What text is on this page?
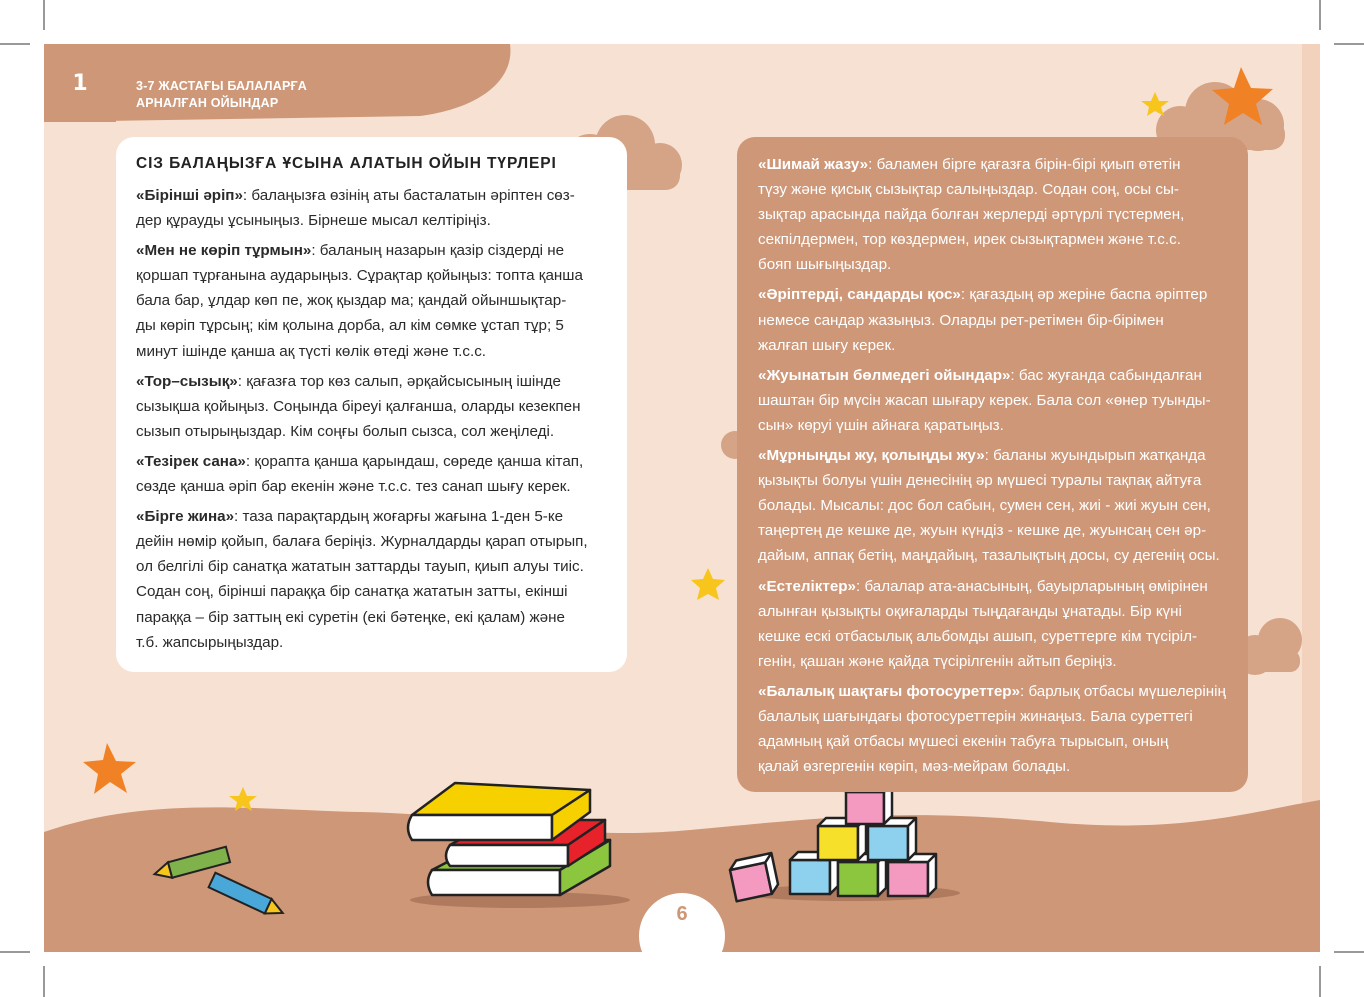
1	3-7 ЖАСТАҒЫ БАЛАЛАРҒА
АРНАЛҒАН ОЙЫНДАР
СІЗ БАЛАҢЫЗҒА ҰСЫНА АЛАТЫН ОЙЫН ТҮРЛЕРІ
«Бірінші әріп»: балаңызға өзінің аты басталатын әріптен сөз-
дер құрауды ұсыныңыз. Бірнеше мысал келтіріңіз.
«Мен не көріп тұрмын»: баланың назарын қазір сіздерді не
қоршап тұрғанына аударыңыз. Сұрақтар қойыңыз: топта қанша
бала бар, ұлдар көп пе, жоқ қыздар ма; қандай ойыншықтар-
ды көріп тұрсың; кім қолына дорба, ал кім сөмке ұстап тұр; 5
минут ішінде қанша ақ түсті көлік өтеді және т.с.с.
«Тор–сызық»: қағазға тор көз салып, әрқайсысының ішінде
сызықша қойыңыз. Соңында біреуі қалғанша, оларды кезекпен
сызып отырыңыздар. Кім соңғы болып сызса, сол жеңіледі.
«Тезірек сана»: қорапта қанша қарындаш, сөреде қанша кітап,
сөзде қанша әріп бар екенін және т.с.с. тез санап шығу керек.
«Бірге жина»: таза парақтардың жоғарғы жағына 1-ден 5-ке
дейін нөмір қойып, балаға беріңіз. Журналдарды қарап отырып,
ол белгілі бір санатқа жататын заттарды тауып, қиып алуы тиіс.
Содан соң, бірінші параққа бір санатқа жататын затты, екінші
параққа – бір заттың екі суретін (екі бәтеңке, екі қалам) және
т.б. жапсырыңыздар.
«Шимай жазу»: баламен бірге қағазға бірін-бірі қиып өтетін
түзу және қисық сызықтар салыңыздар. Содан соң, осы сы-
зықтар арасында пайда болған жерлерді әртүрлі түстермен,
секпілдермен, тор көздермен, ирек сызықтармен және т.с.с.
бояп шығыңыздар.
«Әріптерді, сандарды қос»: қағаздың әр жеріне баспа әріптер
немесе сандар жазыңыз. Оларды рет-ретімен бір-бірімен
жалғап шығу керек.
«Жуынатын бөлмедегі ойындар»: бас жуғанда сабындалған
шаштан бір мүсін жасап шығару керек. Бала сол «өнер туынды-
сын» көруі үшін айнаға қаратыңыз.
«Мұрныңды жу, қолыңды жу»: баланы жуындырып жатқанда
қызықты болуы үшін денесінің әр мүшесі туралы тақпақ айтуға
болады. Мысалы: дос бол сабын, сумен сен, жиі - жиі жуын сен,
таңертең де кешке де, жуын күндіз - кешке де, жуынсаң сен әр-
дайым, аппақ бетің, маңдайың, тазалықтың досы, су дегенің осы.
«Естеліктер»: балалар ата-анасының, бауырларының өмірінен
алынған қызықты оқиғаларды тыңдағанды ұнатады. Бір күні
кешке ескі отбасылық альбомды ашып, суреттерге кім түсіріл-
генін, қашан және қайда түсірілгенін айтып беріңіз.
«Балалық шақтағы фотосуреттер»: барлық отбасы мүшелерінің
балалық шағындағы фотосуреттерін жинаңыз. Бала суреттегі
адамның қай отбасы мүшесі екенін табуға тырысып, оның
қалай өзгергенін көріп, мәз-мейрам болады.
6
